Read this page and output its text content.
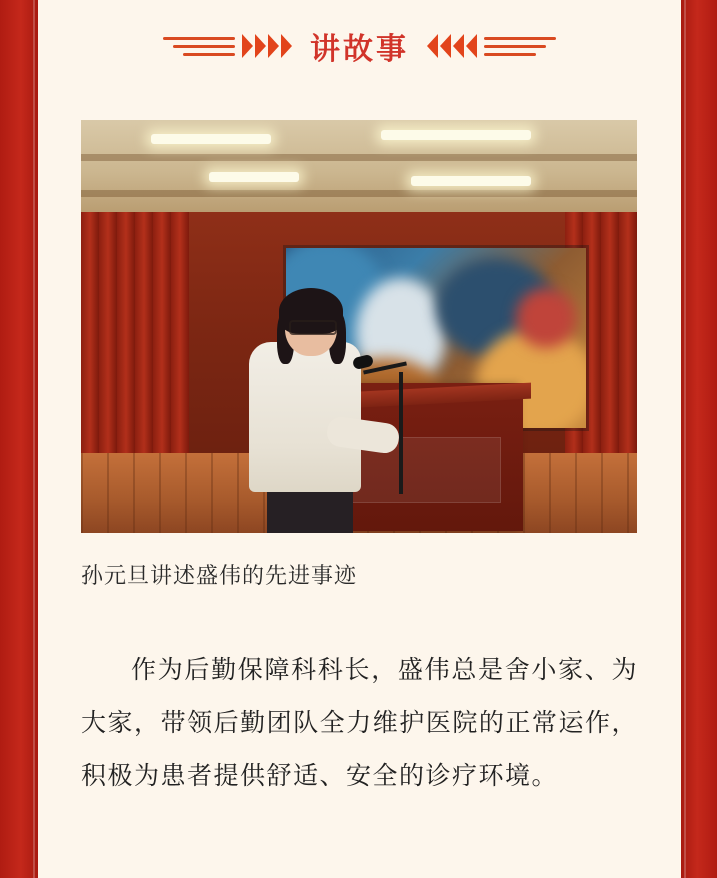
讲故事
孙元旦讲述盛伟的先进事迹
作为后勤保障科科长，盛伟总是舍小家、为大家，带领后勤团队全力维护医院的正常运作，积极为患者提供舒适、安全的诊疗环境。
